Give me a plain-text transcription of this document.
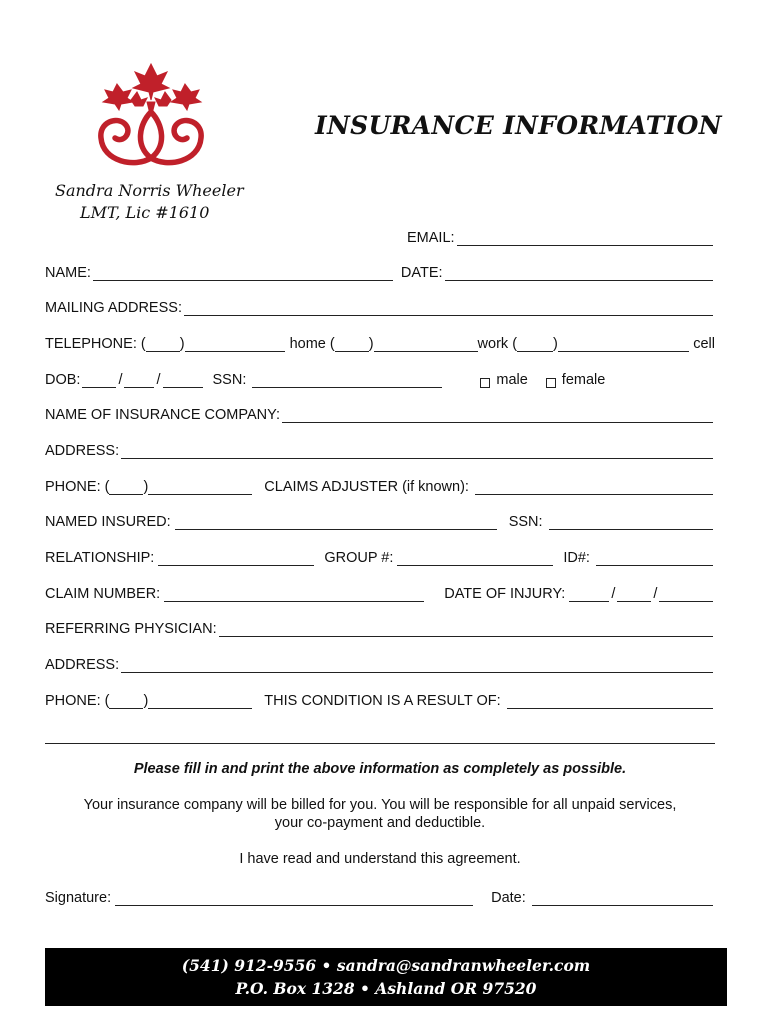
INSURANCE INFORMATION
Sandra Norris Wheeler
LMT, Lic #1610
EMAIL:
NAME:	DATE:
MAILING ADDRESS:
TELEPHONE: ( )	home ( )	work ( )	cell
DOB:	/ /	SSN:	male female
NAME OF INSURANCE COMPANY:
ADDRESS:
PHONE: ( )	CLAIMS ADJUSTER (if known):
NAMED INSURED:	SSN:
RELATIONSHIP:	GROUP #:	ID#:
CLAIM NUMBER:	DATE OF INJURY:	/	/
REFERRING PHYSICIAN:
ADDRESS:
PHONE: ( )	THIS CONDITION IS A RESULT OF:
Please fill in and print the above information as completely as possible.
Your insurance company will be billed for you. You will be responsible for all unpaid services,
your co-payment and deductible.
I have read and understand this agreement.
Signature:	Date:
(541) 912-9556 • sandra@sandranwheeler.com
P.O. Box 1328 • Ashland OR 97520
